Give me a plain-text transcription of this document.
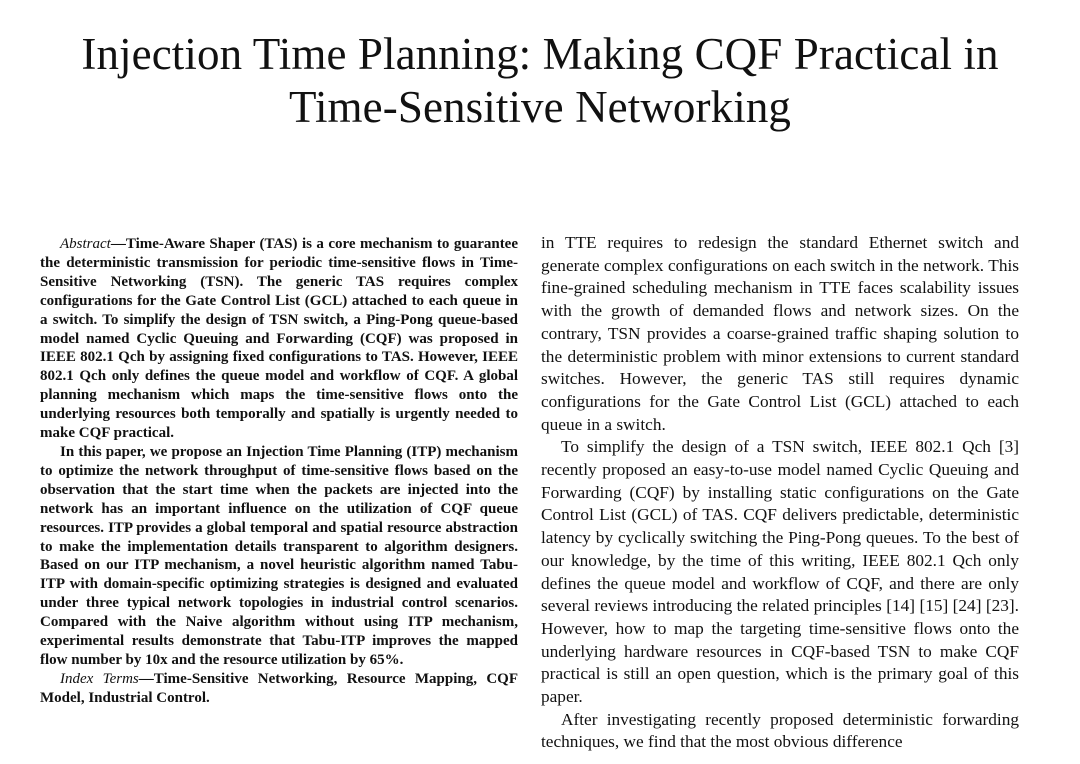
Injection Time Planning: Making CQF Practical in Time-Sensitive Networking

Abstract—Time-Aware Shaper (TAS) is a core mechanism to guarantee the deterministic transmission for periodic time-sensitive flows in Time-Sensitive Networking (TSN). The generic TAS requires complex configurations for the Gate Control List (GCL) attached to each queue in a switch. To simplify the design of TSN switch, a Ping-Pong queue-based model named Cyclic Queuing and Forwarding (CQF) was proposed in IEEE 802.1 Qch by assigning fixed configurations to TAS. However, IEEE 802.1 Qch only defines the queue model and workflow of CQF. A global planning mechanism which maps the time-sensitive flows onto the underlying resources both temporally and spatially is urgently needed to make CQF practical.

In this paper, we propose an Injection Time Planning (ITP) mechanism to optimize the network throughput of time-sensitive flows based on the observation that the start time when the packets are injected into the network has an important influence on the utilization of CQF queue resources. ITP provides a global temporal and spatial resource abstraction to make the implementation details transparent to algorithm designers. Based on our ITP mechanism, a novel heuristic algorithm named Tabu-ITP with domain-specific optimizing strategies is designed and evaluated under three typical network topologies in industrial control scenarios. Compared with the Naive algorithm without using ITP mechanism, experimental results demonstrate that Tabu-ITP improves the mapped flow number by 10x and the resource utilization by 65%.

Index Terms—Time-Sensitive Networking, Resource Mapping, CQF Model, Industrial Control.

in TTE requires to redesign the standard Ethernet switch and generate complex configurations on each switch in the network. This fine-grained scheduling mechanism in TTE faces scalability issues with the growth of demanded flows and network sizes. On the contrary, TSN provides a coarse-grained traffic shaping solution to the deterministic problem with minor extensions to current standard switches. However, the generic TAS still requires dynamic configurations for the Gate Control List (GCL) attached to each queue in a switch.

To simplify the design of a TSN switch, IEEE 802.1 Qch [3] recently proposed an easy-to-use model named Cyclic Queuing and Forwarding (CQF) by installing static configurations on the Gate Control List (GCL) of TAS. CQF delivers predictable, deterministic latency by cyclically switching the Ping-Pong queues. To the best of our knowledge, by the time of this writing, IEEE 802.1 Qch only defines the queue model and workflow of CQF, and there are only several reviews introducing the related principles [14] [15] [24] [23]. However, how to map the targeting time-sensitive flows onto the underlying hardware resources in CQF-based TSN to make CQF practical is still an open question, which is the primary goal of this paper.

After investigating recently proposed deterministic forwarding techniques, we find that the most obvious difference
